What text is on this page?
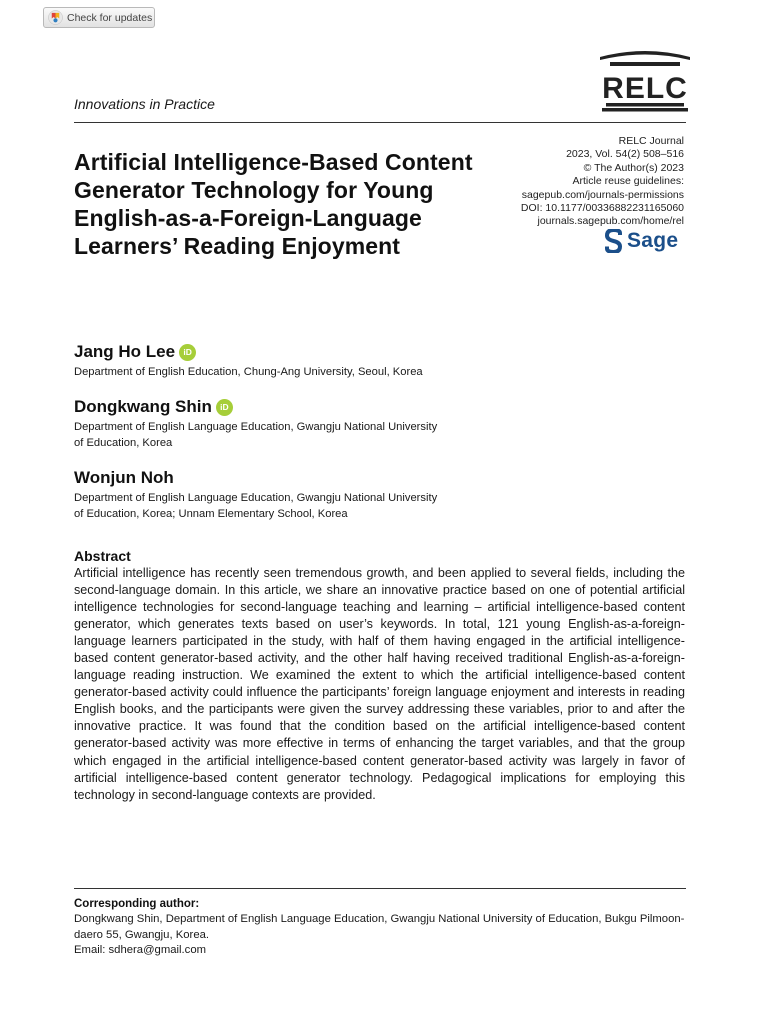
Check for updates
RELC
Innovations in Practice
Artificial Intelligence-Based Content Generator Technology for Young English-as-a-Foreign-Language Learners’ Reading Enjoyment
RELC Journal
2023, Vol. 54(2) 508–516
© The Author(s) 2023
Article reuse guidelines:
sagepub.com/journals-permissions
DOI: 10.1177/00336882231165060
journals.sagepub.com/home/rel
Sage
Jang Ho Lee iD
Department of English Education, Chung-Ang University, Seoul, Korea
Dongkwang Shin iD
Department of English Language Education, Gwangju National University
of Education, Korea
Wonjun Noh
Department of English Language Education, Gwangju National University
of Education, Korea; Unnam Elementary School, Korea
Abstract

Artificial intelligence has recently seen tremendous growth, and been applied to several fields, including the second-language domain. In this article, we share an innovative practice based on one of potential artificial intelligence technologies for second-language teaching and learning – artificial intelligence-based content generator, which generates texts based on user’s keywords. In total, 121 young English-as-a-foreign-language learners participated in the study, with half of them having engaged in the artificial intelligence-based content generator-based activity, and the other half having received traditional English-as-a-foreign-language reading instruction. We examined the extent to which the artificial intelligence-based content generator-based activity could influence the participants’ foreign language enjoyment and interests in reading English books, and the participants were given the survey addressing these variables, prior to and after the innovative practice. It was found that the condition based on the artificial intelligence-based content generator-based activity was more effective in terms of enhancing the target variables, and that the group which engaged in the artificial intelligence-based content generator-based activity was largely in favor of artificial intelligence-based content generator technology. Pedagogical implications for employing this technology in second-language contexts are provided.

Corresponding author:
Dongkwang Shin, Department of English Language Education, Gwangju National University of Education, Bukgu Pilmoon-daero 55, Gwangju, Korea.
Email: sdhera@gmail.com
